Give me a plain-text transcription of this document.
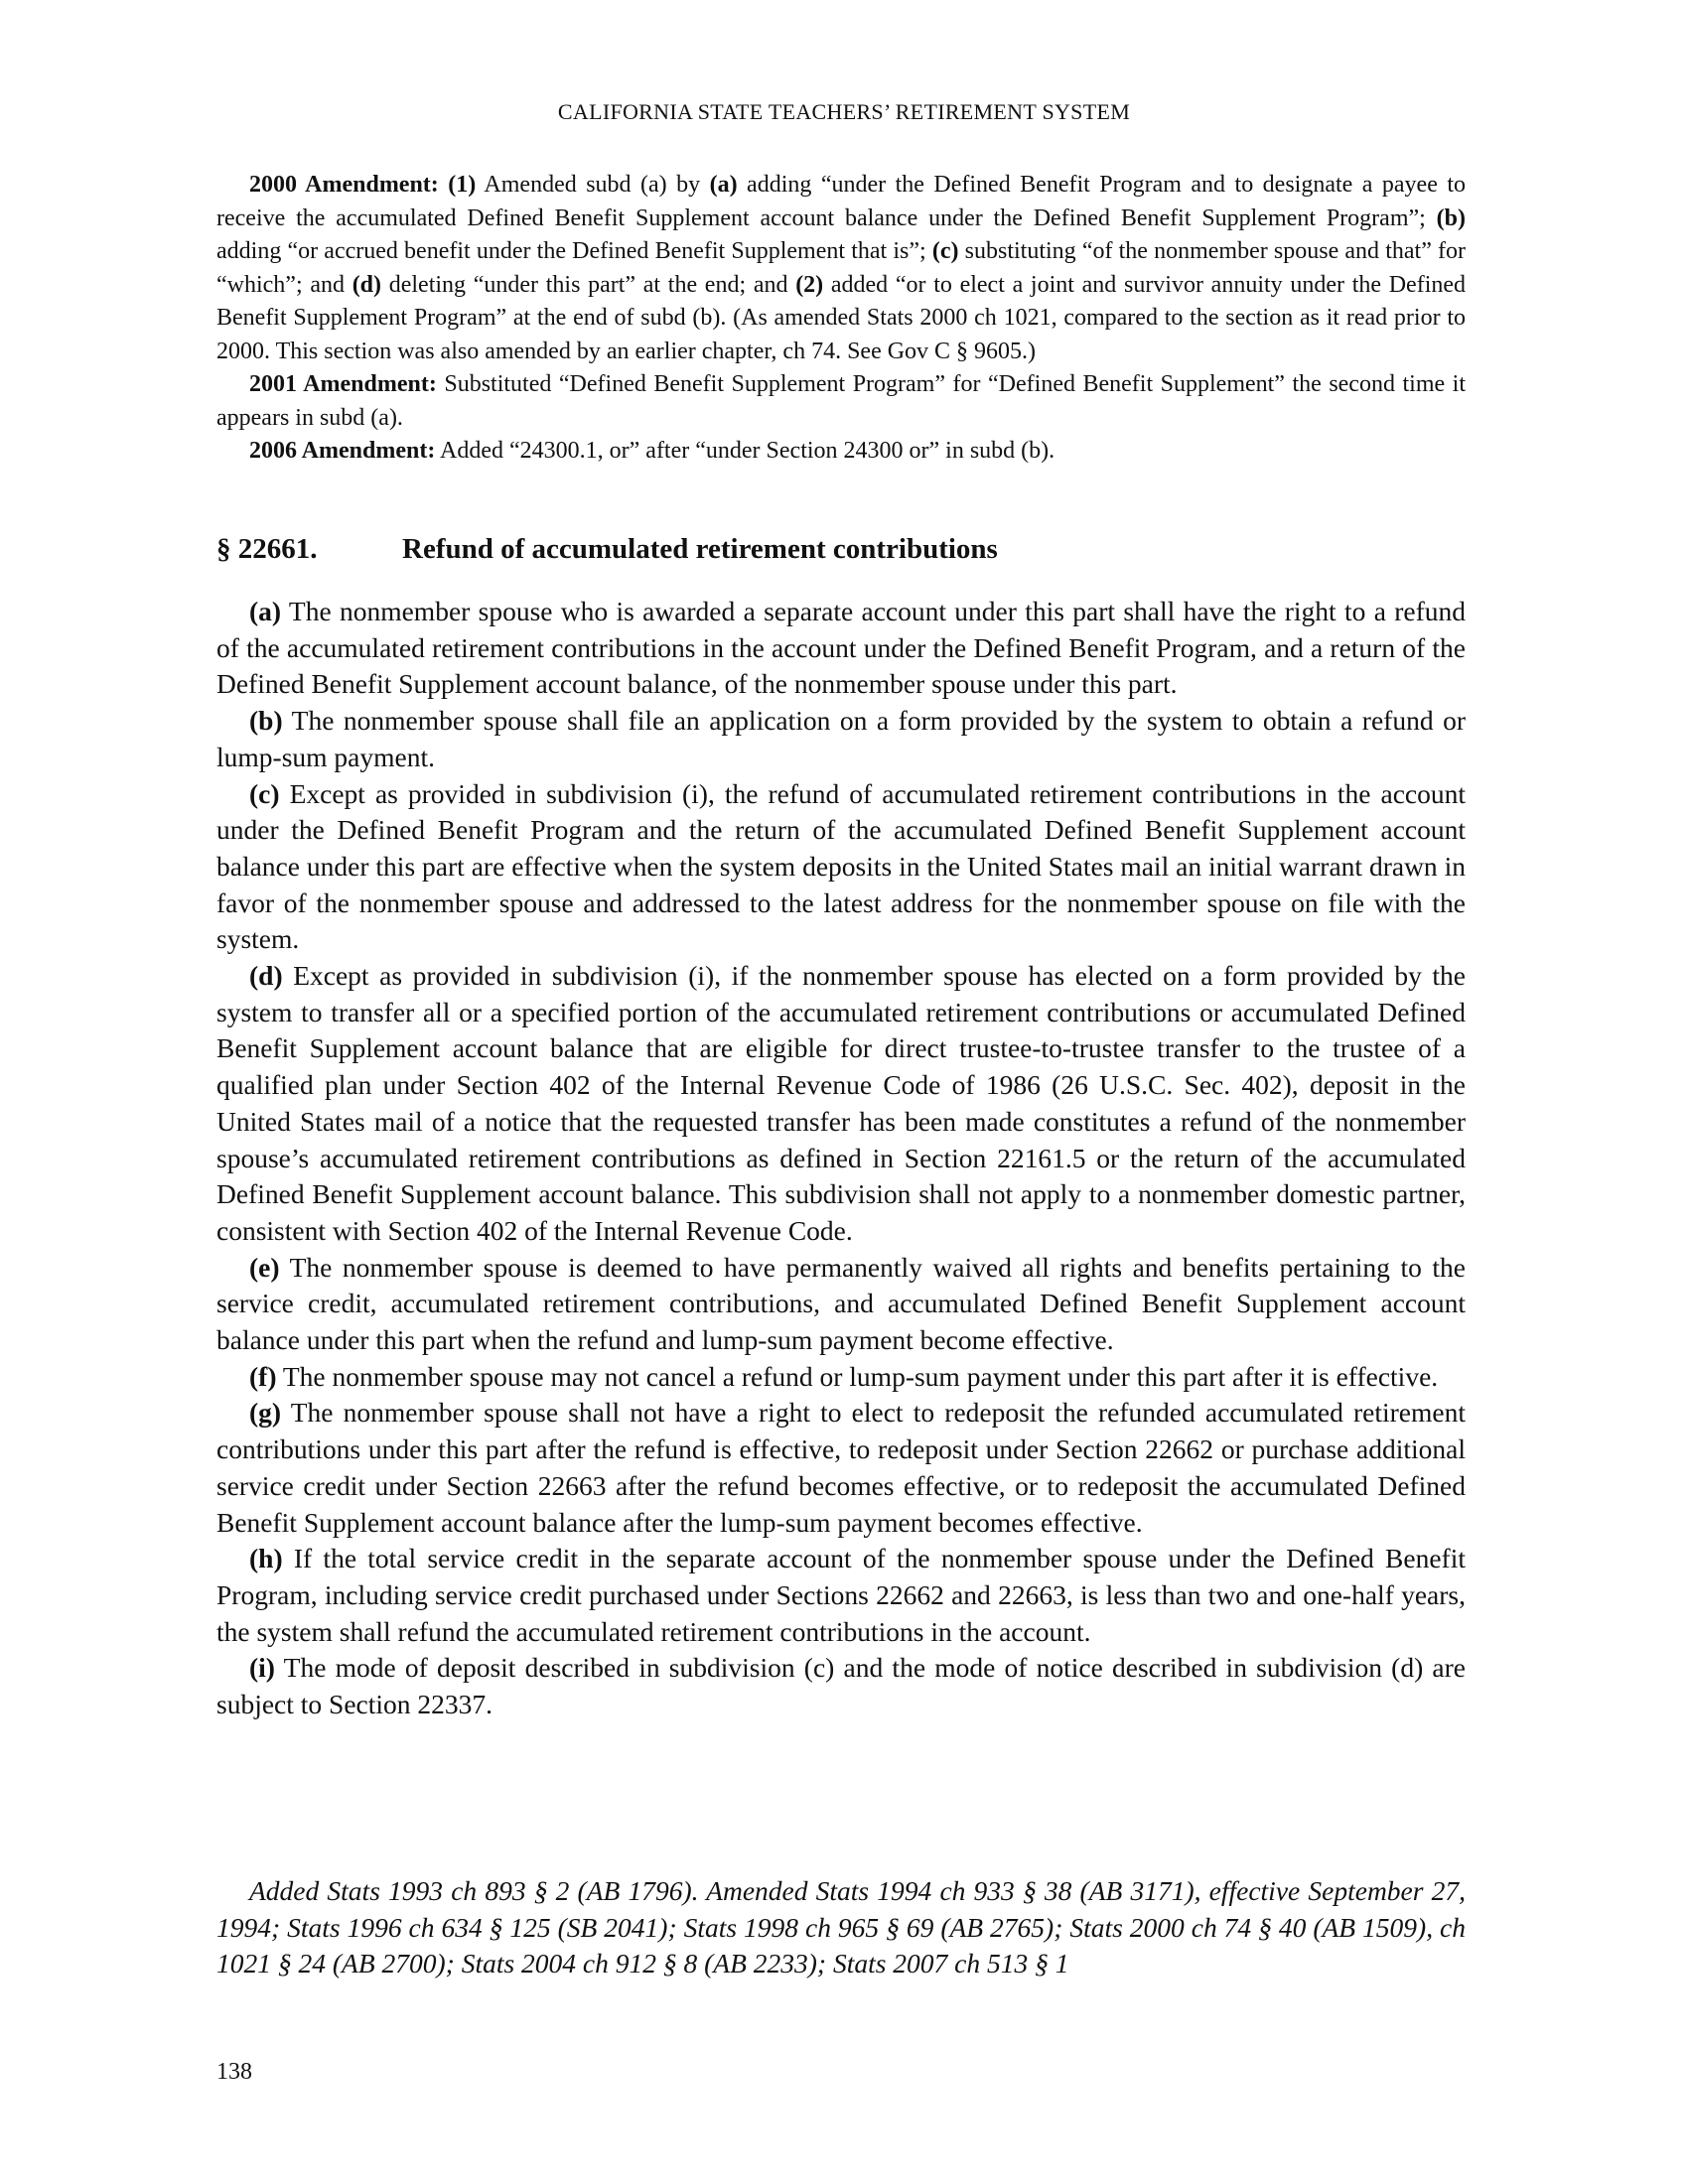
CALIFORNIA STATE TEACHERS’ RETIREMENT SYSTEM

2000 Amendment: (1) Amended subd (a) by (a) adding “under the Defined Benefit Program and to designate a payee to receive the accumulated Defined Benefit Supplement account balance under the Defined Benefit Supplement Program”; (b) adding “or accrued benefit under the Defined Benefit Supplement that is”; (c) substituting “of the nonmember spouse and that” for “which”; and (d) deleting “under this part” at the end; and (2) added “or to elect a joint and survivor annuity under the Defined Benefit Supplement Program” at the end of subd (b). (As amended Stats 2000 ch 1021, compared to the section as it read prior to 2000. This section was also amended by an earlier chapter, ch 74. See Gov C § 9605.)

2001 Amendment: Substituted “Defined Benefit Supplement Program” for “Defined Benefit Supplement” the second time it appears in subd (a).

2006 Amendment: Added “24300.1, or” after “under Section 24300 or” in subd (b).

§ 22661.	Refund of accumulated retirement contributions

(a) The nonmember spouse who is awarded a separate account under this part shall have the right to a refund of the accumulated retirement contributions in the account under the Defined Benefit Program, and a return of the Defined Benefit Supplement account balance, of the nonmember spouse under this part.

(b) The nonmember spouse shall file an application on a form provided by the system to obtain a refund or lump-sum payment.

(c) Except as provided in subdivision (i), the refund of accumulated retirement contributions in the account under the Defined Benefit Program and the return of the accumulated Defined Benefit Supplement account balance under this part are effective when the system deposits in the United States mail an initial warrant drawn in favor of the nonmember spouse and addressed to the latest address for the nonmember spouse on file with the system.

(d) Except as provided in subdivision (i), if the nonmember spouse has elected on a form provided by the system to transfer all or a specified portion of the accumulated retirement contributions or accumulated Defined Benefit Supplement account balance that are eligible for direct trustee-to-trustee transfer to the trustee of a qualified plan under Section 402 of the Internal Revenue Code of 1986 (26 U.S.C. Sec. 402), deposit in the United States mail of a notice that the requested transfer has been made constitutes a refund of the nonmember spouse’s accumulated retirement contributions as defined in Section 22161.5 or the return of the accumulated Defined Benefit Supplement account balance. This subdivision shall not apply to a nonmember domestic partner, consistent with Section 402 of the Internal Revenue Code.

(e) The nonmember spouse is deemed to have permanently waived all rights and benefits pertaining to the service credit, accumulated retirement contributions, and accumulated Defined Benefit Supplement account balance under this part when the refund and lump-sum payment become effective.

(f) The nonmember spouse may not cancel a refund or lump-sum payment under this part after it is effective.

(g) The nonmember spouse shall not have a right to elect to redeposit the refunded accumulated retirement contributions under this part after the refund is effective, to redeposit under Section 22662 or purchase additional service credit under Section 22663 after the refund becomes effective, or to redeposit the accumulated Defined Benefit Supplement account balance after the lump-sum payment becomes effective.

(h) If the total service credit in the separate account of the nonmember spouse under the Defined Benefit Program, including service credit purchased under Sections 22662 and 22663, is less than two and one-half years, the system shall refund the accumulated retirement contributions in the account.

(i) The mode of deposit described in subdivision (c) and the mode of notice described in subdivision (d) are subject to Section 22337.

Added Stats 1993 ch 893 § 2 (AB 1796). Amended Stats 1994 ch 933 § 38 (AB 3171), effective September 27, 1994; Stats 1996 ch 634 § 125 (SB 2041); Stats 1998 ch 965 § 69 (AB 2765); Stats 2000 ch 74 § 40 (AB 1509), ch 1021 § 24 (AB 2700); Stats 2004 ch 912 § 8 (AB 2233); Stats 2007 ch 513 § 1

138
